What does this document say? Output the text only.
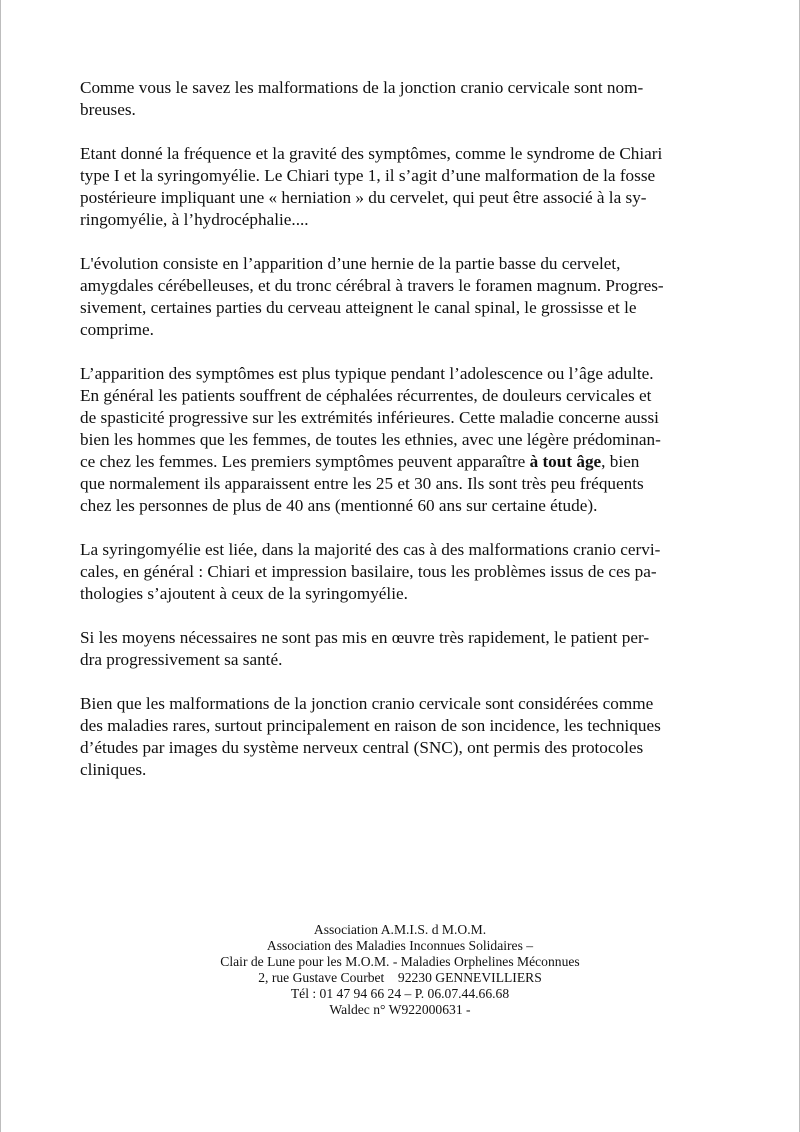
Comme vous le savez les malformations de la jonction cranio cervicale sont nom-
breuses.

Etant donné la fréquence et la gravité des symptômes, comme le syndrome de Chiari
type I et la syringomyélie. Le Chiari type 1, il s’agit d’une malformation de la fosse
postérieure impliquant une « herniation » du cervelet, qui peut être associé à la sy-
ringomyélie, à l’hydrocéphalie....

L'évolution consiste en l’apparition d’une hernie de la partie basse du cervelet,
amygdales cérébelleuses, et du tronc cérébral à travers le foramen magnum. Progres-
sivement, certaines parties du cerveau atteignent le canal spinal, le grossisse et le
comprime.

L’apparition des symptômes est plus typique pendant l’adolescence ou l’âge adulte.
En général les patients souffrent de céphalées récurrentes, de douleurs cervicales et
de spasticité progressive sur les extrémités inférieures. Cette maladie concerne aussi
bien les hommes que les femmes, de toutes les ethnies, avec une légère prédominan-
ce chez les femmes. Les premiers symptômes peuvent apparaître à tout âge, bien
que normalement ils apparaissent entre les 25 et 30 ans. Ils sont très peu fréquents
chez les personnes de plus de 40 ans (mentionné 60 ans sur certaine étude).

La syringomyélie est liée, dans la majorité des cas à des malformations cranio cervi-
cales, en général : Chiari et impression basilaire, tous les problèmes issus de ces pa-
thologies s’ajoutent à ceux de la syringomyélie.

Si les moyens nécessaires ne sont pas mis en œuvre très rapidement, le patient per-
dra progressivement sa santé.

Bien que les malformations de la jonction cranio cervicale sont considérées comme
des maladies rares, surtout principalement en raison de son incidence, les techniques
d’études par images du système nerveux central (SNC), ont permis des protocoles
cliniques.

Association A.M.I.S. d M.O.M.
Association des Maladies Inconnues Solidaires –
Clair de Lune pour les M.O.M. - Maladies Orphelines Méconnues
2, rue Gustave Courbet    92230 GENNEVILLIERS
Tél : 01 47 94 66 24 – P. 06.07.44.66.68
Waldec n° W922000631 -
